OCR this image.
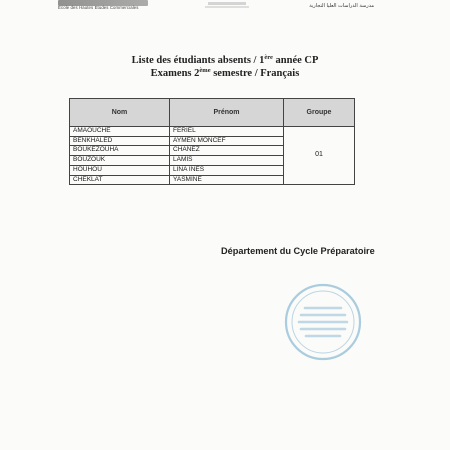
Ecole des Hautes Etudes Commerciales	مدرسة الدراسات العليا التجارية
Liste des étudiants absents / 1ère année CP
Examens 2ème semestre / Français
Nom	Prénom	Groupe
AMAOUCHE	FERIEL	01
BENKHALED	AYMEN MONCEF	
BOUKEZOUHA	CHANEZ	
BOUZOUK	LAMIS	
HOUHOU	LINA INES	
CHEKLAT	YASMINE	
Département du Cycle Préparatoire
